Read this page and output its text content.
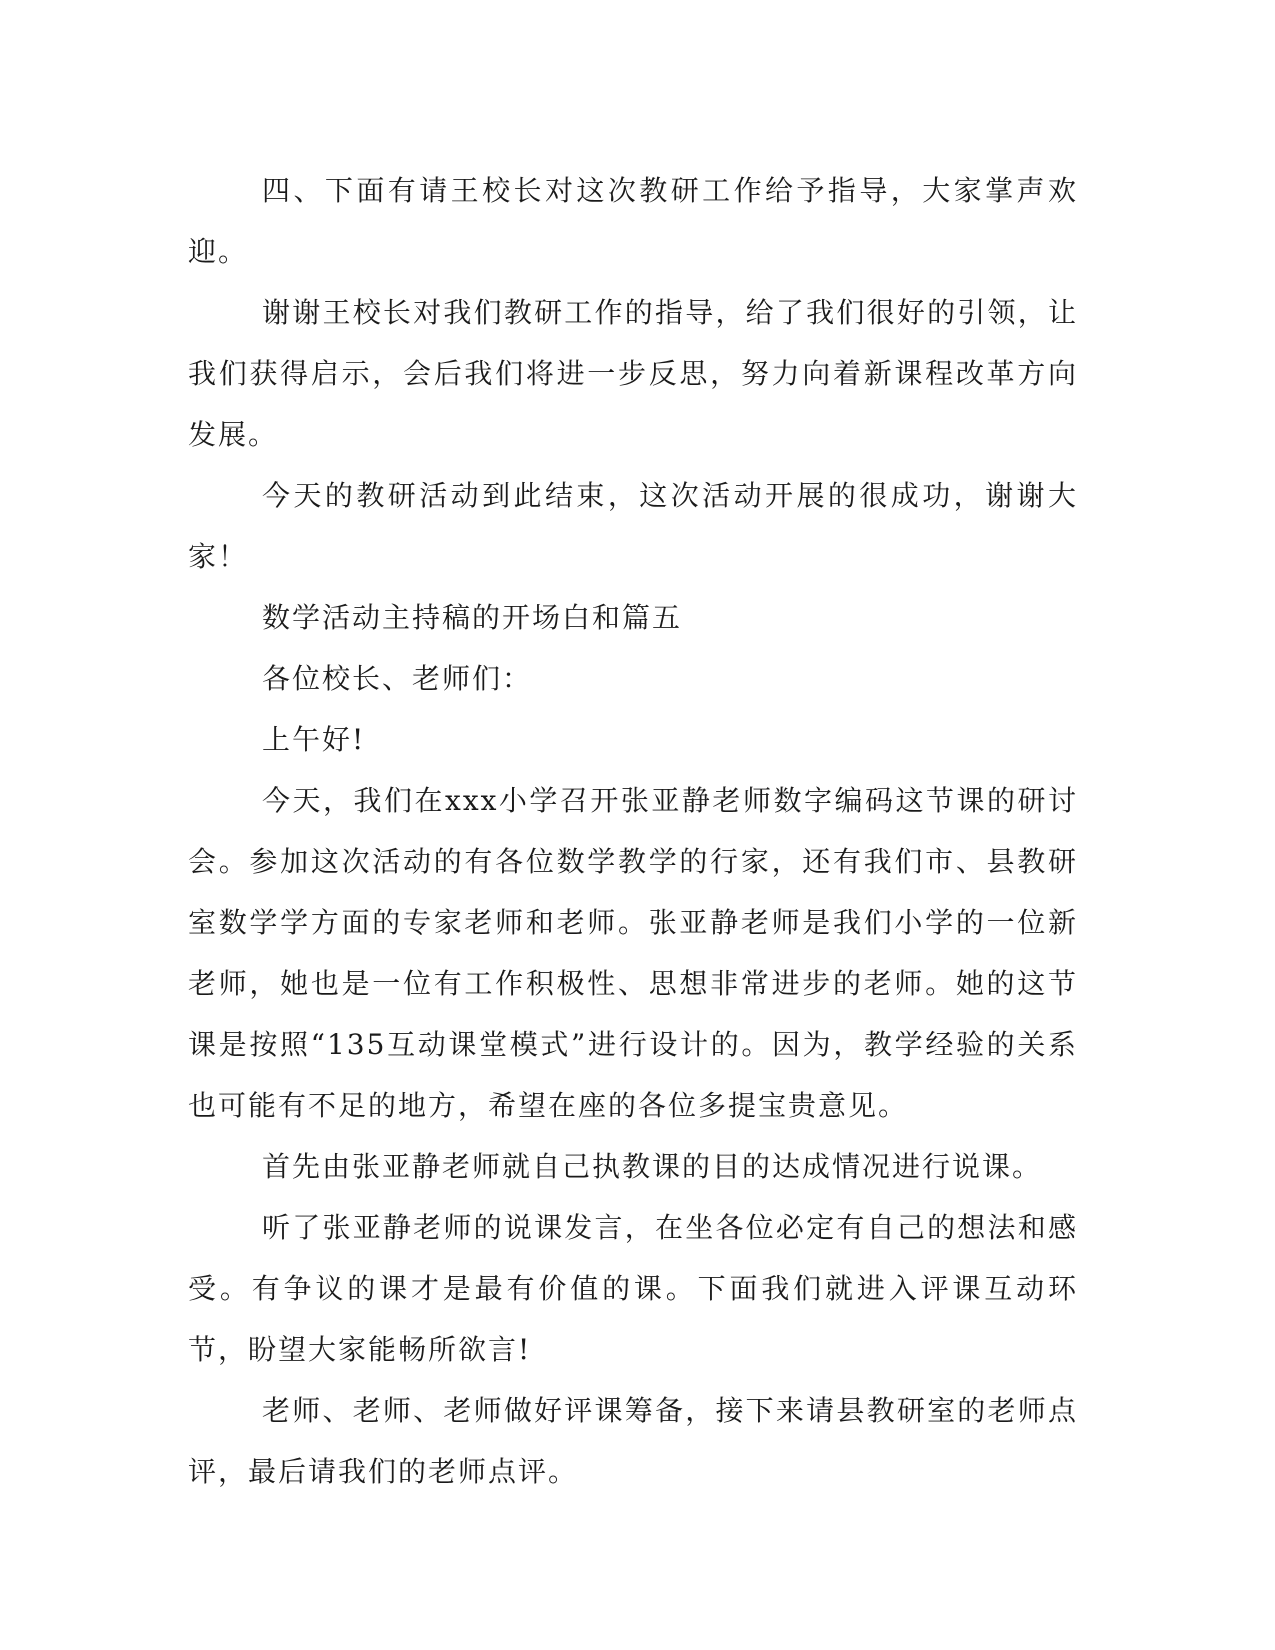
四、下面有请王校长对这次教研工作给予指导，大家掌声欢迎。

谢谢王校长对我们教研工作的指导，给了我们很好的引领，让我们获得启示，会后我们将进一步反思，努力向着新课程改革方向发展。

今天的教研活动到此结束，这次活动开展的很成功，谢谢大家！

数学活动主持稿的开场白和篇五

各位校长、老师们：

上午好!

今天，我们在xxx小学召开张亚静老师数字编码这节课的研讨会。参加这次活动的有各位数学教学的行家，还有我们市、县教研室数学学方面的专家老师和老师。张亚静老师是我们小学的一位新老师，她也是一位有工作积极性、思想非常进步的老师。她的这节课是按照“135互动课堂模式”进行设计的。因为，教学经验的关系也可能有不足的地方，希望在座的各位多提宝贵意见。

首先由张亚静老师就自己执教课的目的达成情况进行说课。

听了张亚静老师的说课发言，在坐各位必定有自己的想法和感受。有争议的课才是最有价值的课。下面我们就进入评课互动环节，盼望大家能畅所欲言!

老师、老师、老师做好评课筹备，接下来请县教研室的老师点评，最后请我们的老师点评。
